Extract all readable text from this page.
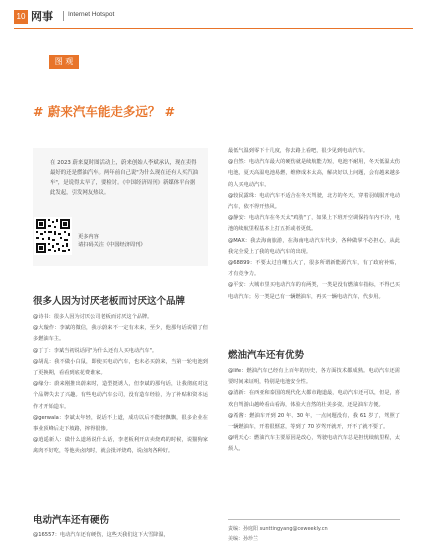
10 网事 Internet Hotspot
图 观
# 蔚来汽车能走多远？ #
在 2023 蔚来夏时图活动上，蔚来创始人李斌承认，现在卖得最好的还是燃油汽车。两年前自己说"为什么现在还有人买汽油车"，是说得太早了，要检讨。《中国经济周刊》新媒体平台据此发起，引发网友热议。
更多内容
请扫码关注《中国经济周刊》
很多人因为讨厌老板而讨厌这个品牌
@诗书：很多人因为讨厌公司老板而讨厌这个品牌。
@大璇作：李斌的微信，我示蔚来不一定有未来，至少，他那句话说错了但多燃油车主。
@丁丁：李斌当初说话同"为什么还有人买电动汽车"。
@胡乱：我不做小白鼠，即使买电动汽车，也未必买蔚来，当第一轮电池到了更换期，看看到底花费谁家。
@缘分：蔚来刚推出蔚来时，造型挺诱人，但李斌的那句话，让我彻底对这个品牌失去了兴趣。有些电动汽车公司，没有造车经验，为了补贴和资本运作才开始造车。
@gerwala：李斌太年轻，说话不上道，成功以后不能轻飘飘，很多企业在事业顶峰后走下坡路，摔得很惨。
@逍遥新人：做什么道场说什么话，李老板利开店卖烧鸡的时候，说猫狗家禽肉不好吃，等他卖卤肉时，就会批评烧鸡，说卤肉各种好。
电动汽车还有硬伤
@16557：电动汽车还有硬伤，这些天我们这下大雪降温，
最低气温到零下十几度，你去路上看吧，很少见到电动汽车。
@自然：电动汽车最大的硬伤就是续航能力短，电池不耐用，冬天低温太伤电池，夏天高温电池易燃，维修成本太高，解决好以上问题，会有越来越多的人买电动汽车。
@较民露珠：电动汽车不适合在冬天驾驶，北方的冬天，穿着羽绒服开电动汽车，依不得开热风。
@静安：电动汽车在冬天太"鸡肋"了，如果上下班开空调保持车内不冷，电池的续航里程基本上打五折或者更低。
@MAX：我去海南旅游，在海南电动汽车代步，各种做掌不必担心，从此我完全爱上了我的电动汽车的出现。
@68899：不要太过自嘲五大了，很多所谓新能源汽车，有了政府补贴，才有竞争力。
@平安：大城市里买电动汽车的有两类，一类是没有燃油车指标，不得已买电动汽车；另一类是已有一辆燃油车，再买一辆电动汽车，代步用。
燃油汽车还有优势
@life：燃油汽车已经有上百年的历史，各方面技术都成熟。电动汽车还需要时间来证明，特别是电池安全性。
@清新：在西亚和泰国的现代化大都市跑道最，电动汽车还可以，但是，喜欢自驾游山越岭看山看海，体验大自然的壮美多姿，还是油车方便。
@希酱：燃油车开到 20 年、30 年，一点问题没有，我 61 岁了，驾照了一辆燃油车，开着很惬意，等到了 70 岁驾开就开，开不了就不要了。
@明天心：燃油汽车主要原因是改心，驾驶电动汽车总是担忧续航里程，太烦人。
责编：孙庭阳 sunttingyang@ceweekly.cn
美编：孙珍兰
